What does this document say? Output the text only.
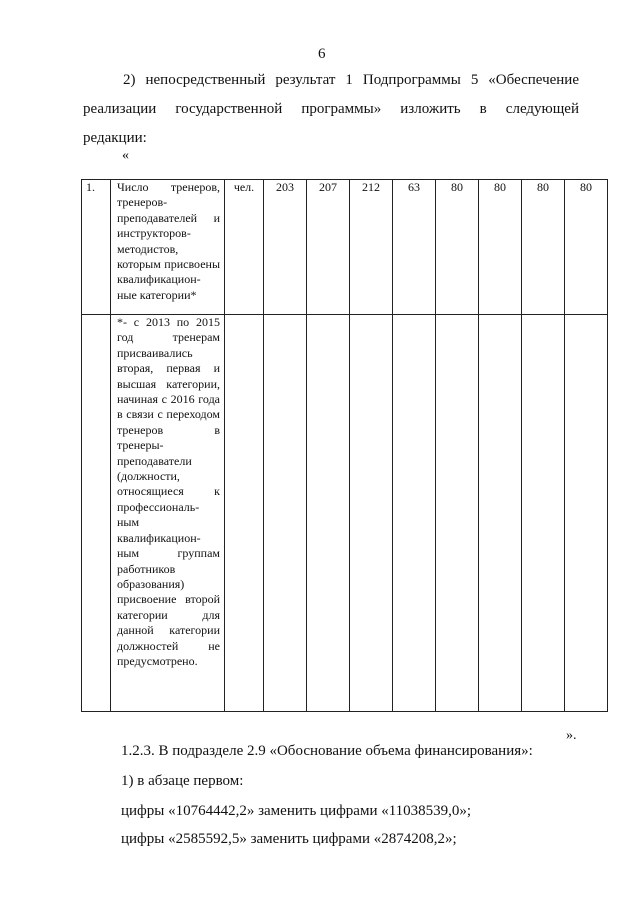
6
2) непосредственный результат 1 Подпрограммы 5 «Обеспечение
реализации государственной программы» изложить в следующей
редакции:
«
1.	Число тренеров, тренеров-преподавателей и инструкторов-методистов, которым присвоены квалификацион-ные категории*	чел.	203	207	212	63	80	80	80	80

	*- с 2013 по 2015 год тренерам присваивались вторая, первая и высшая категории, начиная с 2016 года в связи с переходом тренеров в тренеры-преподаватели (должности, относящиеся к профессиональ-ным квалификацион-ным группам работников образования) присвоение второй категории для данной категории должностей не предусмотрено.									

».
1.2.3. В подразделе 2.9 «Обоснование объема финансирования»:
1) в абзаце первом:
цифры «10764442,2» заменить цифрами «11038539,0»;
цифры «2585592,5» заменить цифрами «2874208,2»;
